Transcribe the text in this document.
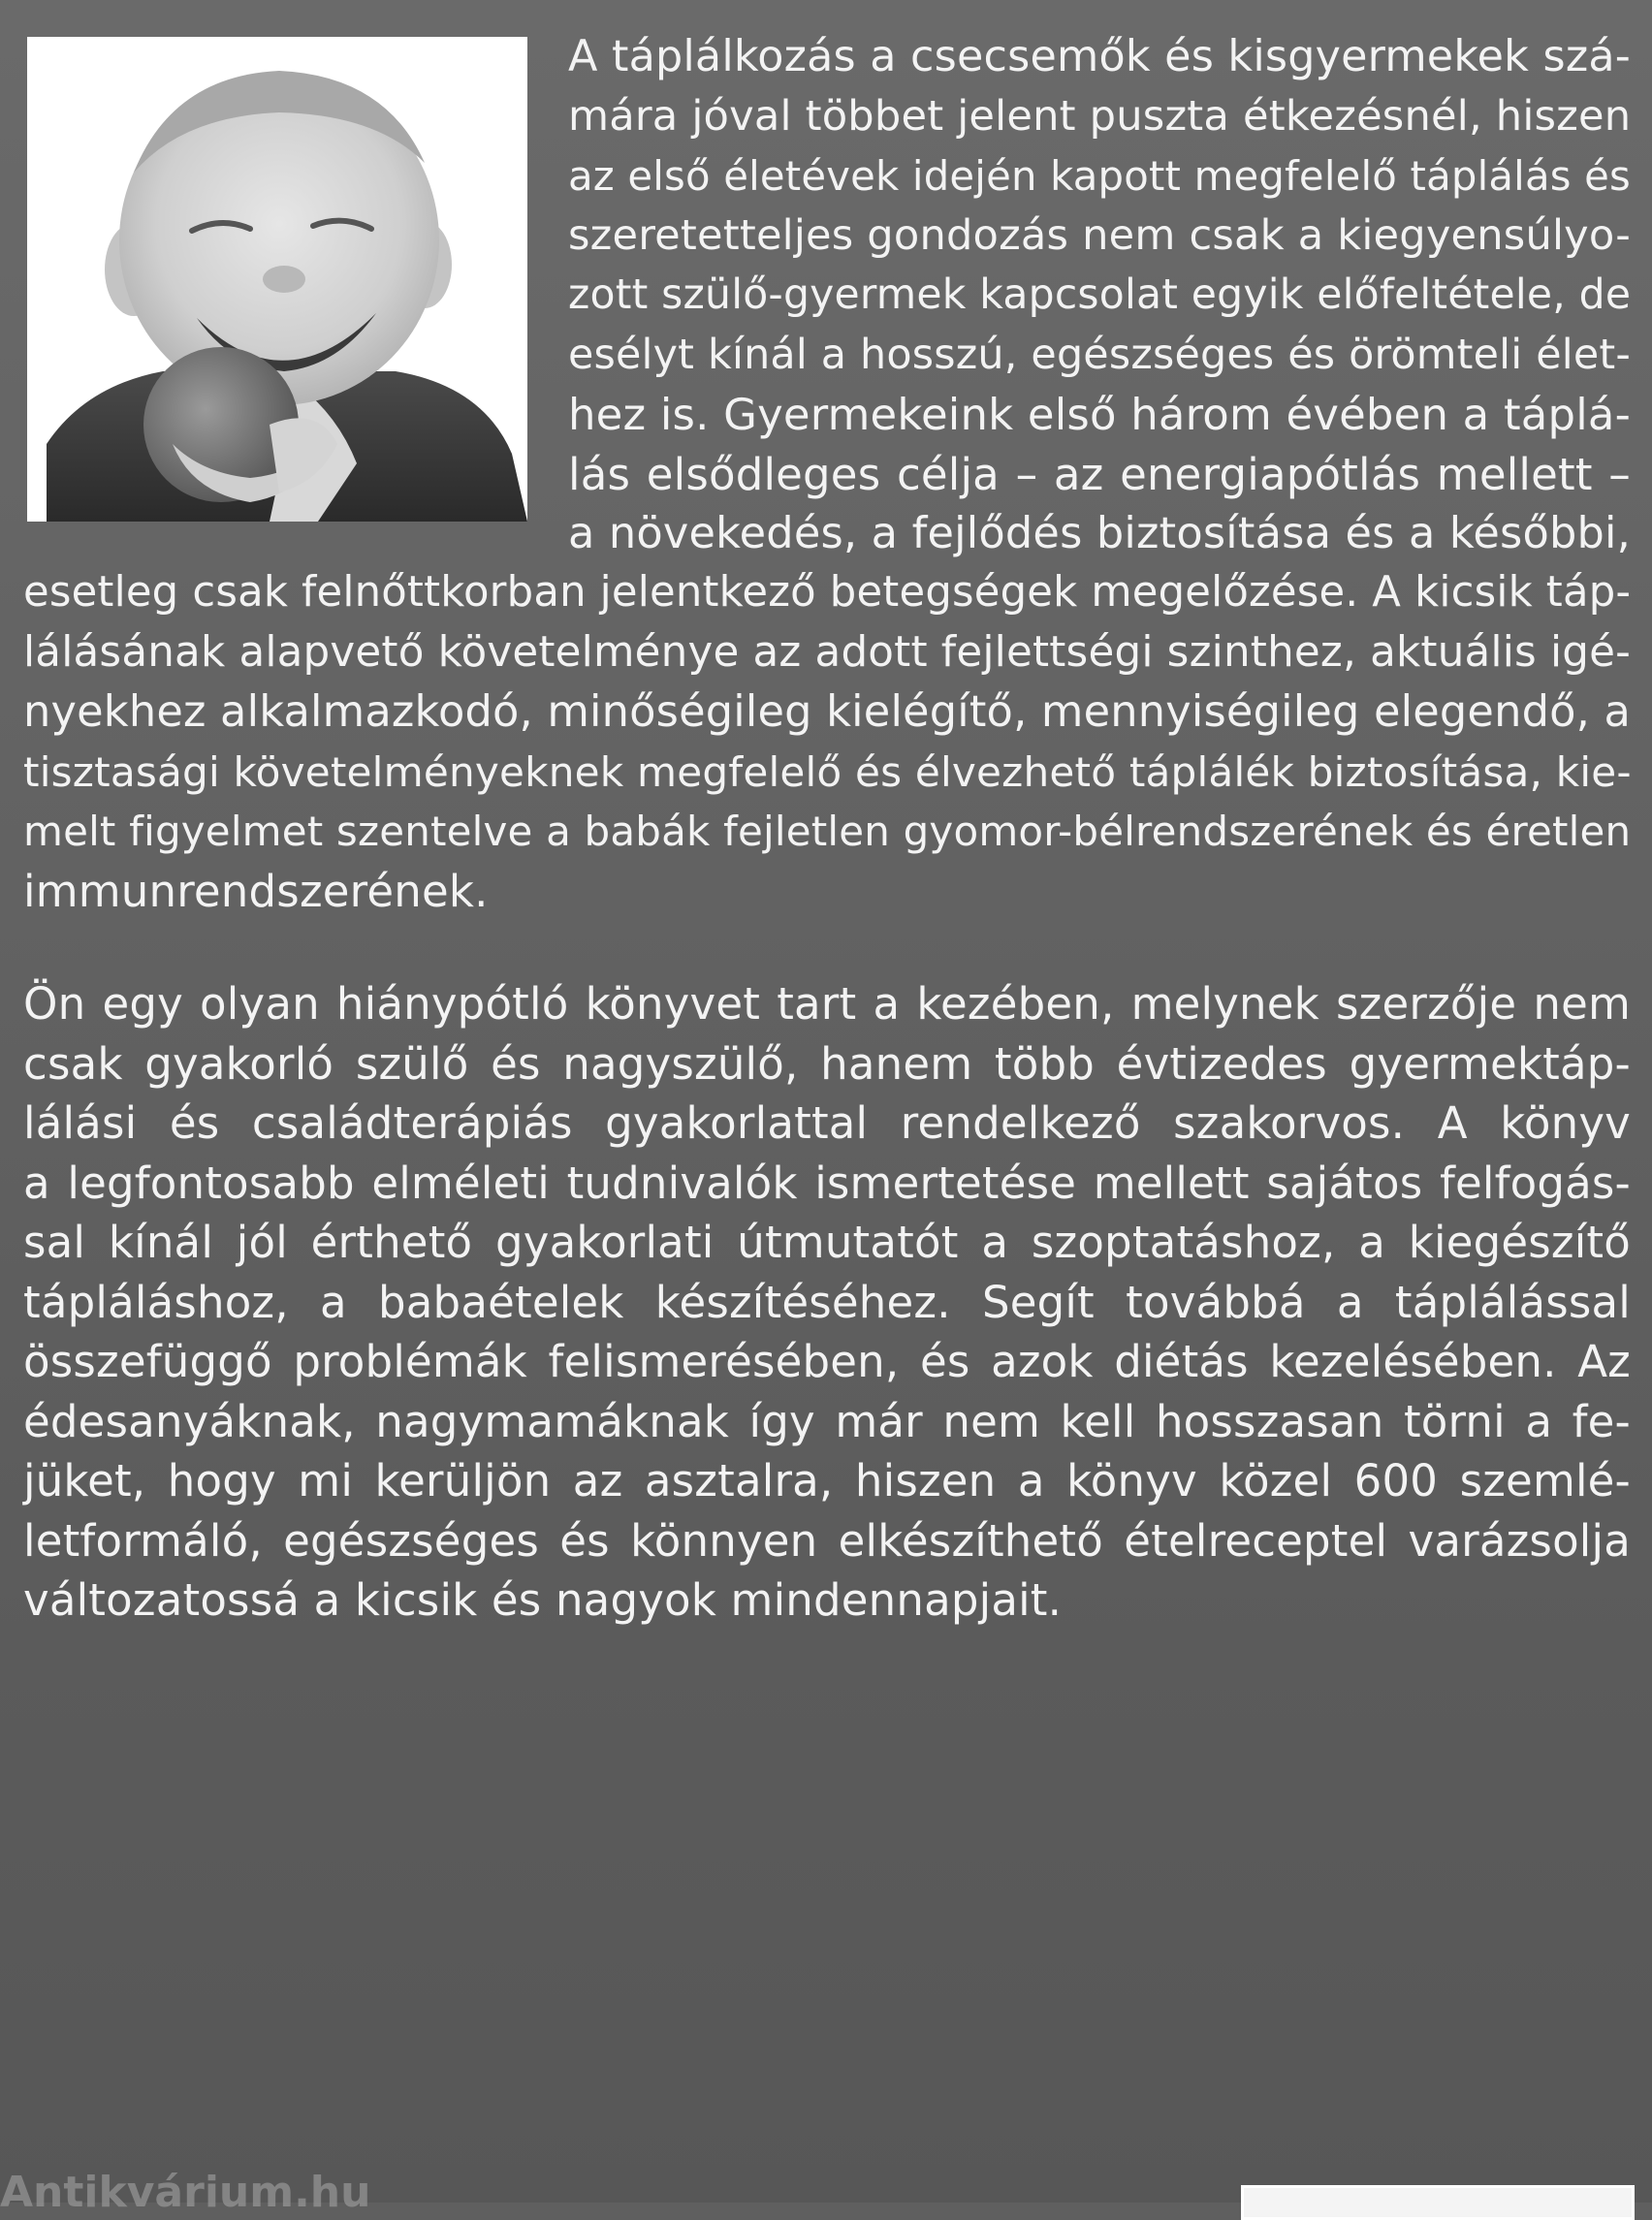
A táplálkozás a csecsemők és kisgyermekek szá-
mára jóval többet jelent puszta étkezésnél, hiszen
az első életévek idején kapott megfelelő táplálás és
szeretetteljes gondozás nem csak a kiegyensúlyo-
zott szülő-gyermek kapcsolat egyik előfeltétele, de
esélyt kínál a hosszú, egészséges és örömteli élet-
hez is. Gyermekeink első három évében a táplá-
lás elsődleges célja – az energiapótlás mellett –
a növekedés, a fejlődés biztosítása és a későbbi,
esetleg csak felnőttkorban jelentkező betegségek megelőzése. A kicsik táp-
lálásának alapvető követelménye az adott fejlettségi szinthez, aktuális igé-
nyekhez alkalmazkodó, minőségileg kielégítő, mennyiségileg elegendő, a
tisztasági követelményeknek megfelelő és élvezhető táplálék biztosítása, kie-
melt figyelmet szentelve a babák fejletlen gyomor-bélrendszerének és éretlen
immunrendszerének.
Ön egy olyan hiánypótló könyvet tart a kezében, melynek szerzője nem
csak gyakorló szülő és nagyszülő, hanem több évtizedes gyermektáp-
lálási és családterápiás gyakorlattal rendelkező szakorvos. A könyv
a legfontosabb elméleti tudnivalók ismertetése mellett sajátos felfogás-
sal kínál jól érthető gyakorlati útmutatót a szoptatáshoz, a kiegészítő
tápláláshoz, a babaételek készítéséhez. Segít továbbá a táplálással
összefüggő problémák felismerésében, és azok diétás kezelésében. Az
édesanyáknak, nagymamáknak így már nem kell hosszasan törni a fe-
jüket, hogy mi kerüljön az asztalra, hiszen a könyv közel 600 szemlé-
letformáló, egészséges és könnyen elkészíthető ételreceptel varázsolja
változatossá a kicsik és nagyok mindennapjait.
Antikvárium.hu
